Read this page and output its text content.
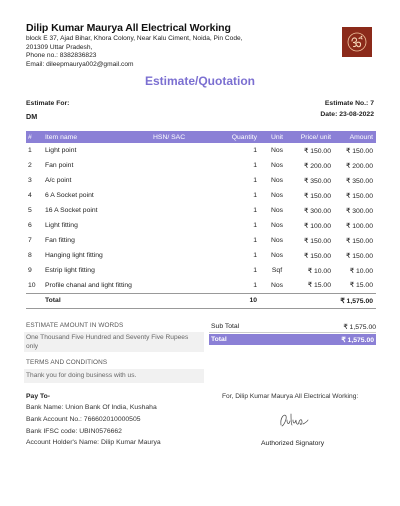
Dilip Kumar Maurya All Electrical Working
block E 37, Ajad Bihar, Khora Colony, Near Kalu Ciment, Noida, Pin Code,
201309 Uttar Pradesh,
Phone no.: 8382836823
Email: dileepmaurya002@gmail.com
Estimate/Quotation
Estimate For:
DM
Estimate No.: 7
Date: 23-08-2022
#	Item name	HSN/ SAC	Quantity	Unit	Price/ unit	Amount
1	Light point		1	Nos	₹ 150.00	₹ 150.00
2	Fan point		1	Nos	₹ 200.00	₹ 200.00
3	A/c point		1	Nos	₹ 350.00	₹ 350.00
4	6 A Socket point		1	Nos	₹ 150.00	₹ 150.00
5	16 A Socket point		1	Nos	₹ 300.00	₹ 300.00
6	Light fitting		1	Nos	₹ 100.00	₹ 100.00
7	Fan fitting		1	Nos	₹ 150.00	₹ 150.00
8	Hanging light fitting		1	Nos	₹ 150.00	₹ 150.00
9	Estrip light fitting		1	Sqf	₹ 10.00	₹ 10.00
10	Profile chanal and light fitting		1	Nos	₹ 15.00	₹ 15.00
	Total		10			₹ 1,575.00
ESTIMATE AMOUNT IN WORDS
One Thousand Five Hundred and Seventy Five Rupees only
Sub Total	₹ 1,575.00
Total	₹ 1,575.00
TERMS AND CONDITIONS
Thank you for doing business with us.
Pay To-
Bank Name: Union Bank Of India, Kushaha
Bank Account No.: 766602010000505
Bank IFSC code: UBIN0576662
Account Holder's Name: Dilip Kumar Maurya
For, Dilip Kumar Maurya All Electrical Working:
Authorized Signatory
